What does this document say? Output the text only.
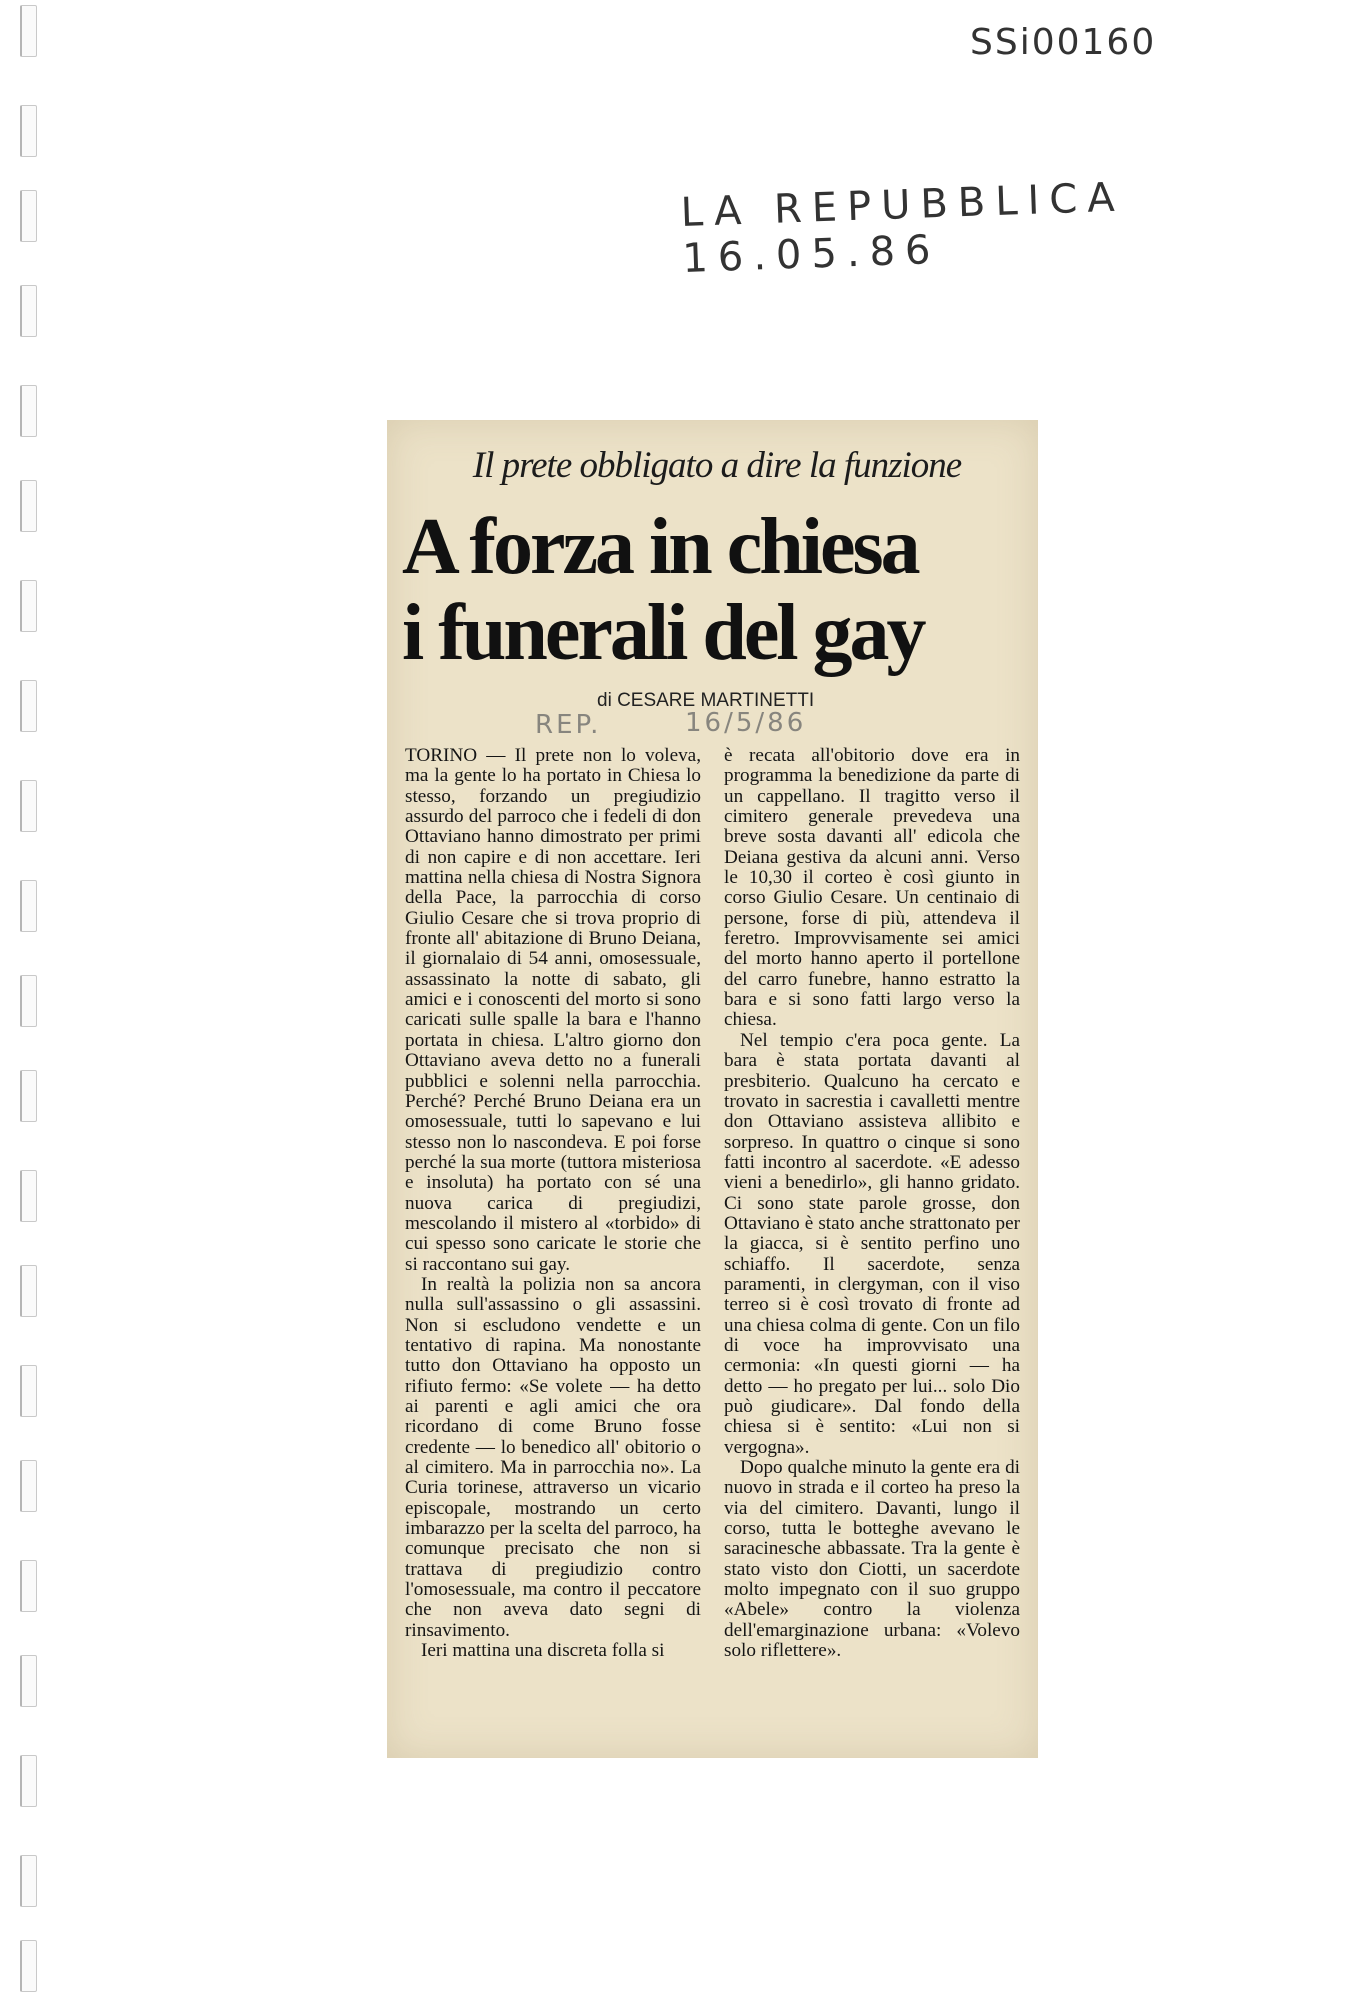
SSi00160
LA REPUBBLICA 16.05.86
Il prete obbligato a dire la funzione
A forza in chiesa
i funerali del gay
di CESARE MARTINETTI
REP.	16/5/86

TORINO — Il prete non lo voleva, ma la gente lo ha portato in Chiesa lo stesso, forzando un pregiudizio assurdo del parroco che i fedeli di don Ottaviano hanno dimostrato per primi di non capire e di non accettare. Ieri mattina nella chiesa di Nostra Signora della Pace, la parrocchia di corso Giulio Cesare che si trova proprio di fronte all' abitazione di Bruno Deiana, il giornalaio di 54 anni, omosessuale, assassinato la notte di sabato, gli amici e i conoscenti del morto si sono caricati sulle spalle la bara e l'hanno portata in chiesa. L'altro giorno don Ottaviano aveva detto no a funerali pubblici e solenni nella parrocchia. Perché? Perché Bruno Deiana era un omosessuale, tutti lo sapevano e lui stesso non lo nascondeva. E poi forse perché la sua morte (tuttora misteriosa e insoluta) ha portato con sé una nuova carica di pregiudizi, mescolando il mistero al «torbido» di cui spesso sono caricate le storie che si raccontano sui gay.

In realtà la polizia non sa ancora nulla sull'assassino o gli assassini. Non si escludono vendette e un tentativo di rapina. Ma nonostante tutto don Ottaviano ha opposto un rifiuto fermo: «Se volete — ha detto ai parenti e agli amici che ora ricordano di come Bruno fosse credente — lo benedico all' obitorio o al cimitero. Ma in parrocchia no». La Curia torinese, attraverso un vicario episcopale, mostrando un certo imbarazzo per la scelta del parroco, ha comunque precisato che non si trattava di pregiudizio contro l'omosessuale, ma contro il peccatore che non aveva dato segni di rinsavimento.

Ieri mattina una discreta folla si

è recata all'obitorio dove era in programma la benedizione da parte di un cappellano. Il tragitto verso il cimitero generale prevedeva una breve sosta davanti all' edicola che Deiana gestiva da alcuni anni. Verso le 10,30 il corteo è così giunto in corso Giulio Cesare. Un centinaio di persone, forse di più, attendeva il feretro. Improvvisamente sei amici del morto hanno aperto il portellone del carro funebre, hanno estratto la bara e si sono fatti largo verso la chiesa.

Nel tempio c'era poca gente. La bara è stata portata davanti al presbiterio. Qualcuno ha cercato e trovato in sacrestia i cavalletti mentre don Ottaviano assisteva allibito e sorpreso. In quattro o cinque si sono fatti incontro al sacerdote. «E adesso vieni a benedirlo», gli hanno gridato. Ci sono state parole grosse, don Ottaviano è stato anche strattonato per la giacca, si è sentito perfino uno schiaffo. Il sacerdote, senza paramenti, in clergyman, con il viso terreo si è così trovato di fronte ad una chiesa colma di gente. Con un filo di voce ha improvvisato una cermonia: «In questi giorni — ha detto — ho pregato per lui... solo Dio può giudicare». Dal fondo della chiesa si è sentito: «Lui non si vergogna».

Dopo qualche minuto la gente era di nuovo in strada e il corteo ha preso la via del cimitero. Davanti, lungo il corso, tutta le botteghe avevano le saracinesche abbassate. Tra la gente è stato visto don Ciotti, un sacerdote molto impegnato con il suo gruppo «Abele» contro la violenza dell'emarginazione urbana: «Volevo solo riflettere».
